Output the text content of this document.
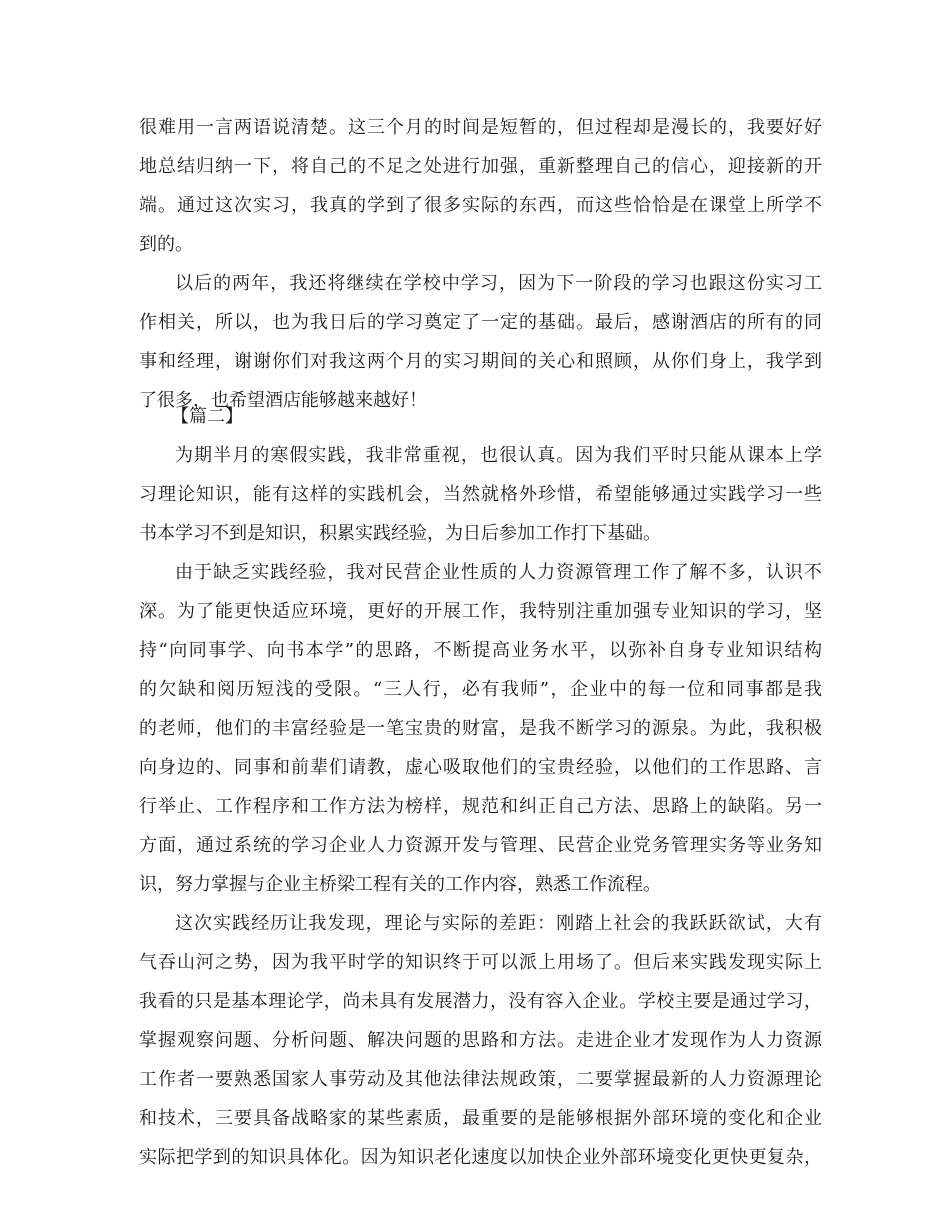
很难用一言两语说清楚。这三个月的时间是短暂的，但过程却是漫长的，我要好好
地总结归纳一下，将自己的不足之处进行加强，重新整理自己的信心，迎接新的开
端。通过这次实习，我真的学到了很多实际的东西，而这些恰恰是在课堂上所学不
到的。
以后的两年，我还将继续在学校中学习，因为下一阶段的学习也跟这份实习工
作相关，所以，也为我日后的学习奠定了一定的基础。最后，感谢酒店的所有的同
事和经理，谢谢你们对我这两个月的实习期间的关心和照顾，从你们身上，我学到
了很多，也希望酒店能够越来越好！
【篇二】
为期半月的寒假实践，我非常重视，也很认真。因为我们平时只能从课本上学
习理论知识，能有这样的实践机会，当然就格外珍惜，希望能够通过实践学习一些
书本学习不到是知识，积累实践经验，为日后参加工作打下基础。
由于缺乏实践经验，我对民营企业性质的人力资源管理工作了解不多，认识不
深。为了能更快适应环境，更好的开展工作，我特别注重加强专业知识的学习，坚
持“向同事学、向书本学”的思路，不断提高业务水平，以弥补自身专业知识结构
的欠缺和阅历短浅的受限。“三人行，必有我师”，企业中的每一位和同事都是我
的老师，他们的丰富经验是一笔宝贵的财富，是我不断学习的源泉。为此，我积极
向身边的、同事和前辈们请教，虚心吸取他们的宝贵经验，以他们的工作思路、言
行举止、工作程序和工作方法为榜样，规范和纠正自己方法、思路上的缺陷。另一
方面，通过系统的学习企业人力资源开发与管理、民营企业党务管理实务等业务知
识，努力掌握与企业主桥梁工程有关的工作内容，熟悉工作流程。
这次实践经历让我发现，理论与实际的差距：刚踏上社会的我跃跃欲试，大有
气吞山河之势，因为我平时学的知识终于可以派上用场了。但后来实践发现实际上
我看的只是基本理论学，尚未具有发展潜力，没有容入企业。学校主要是通过学习，
掌握观察问题、分析问题、解决问题的思路和方法。走进企业才发现作为人力资源
工作者一要熟悉国家人事劳动及其他法律法规政策，二要掌握最新的人力资源理论
和技术，三要具备战略家的某些素质，最重要的是能够根据外部环境的变化和企业
实际把学到的知识具体化。因为知识老化速度以加快企业外部环境变化更快更复杂，
